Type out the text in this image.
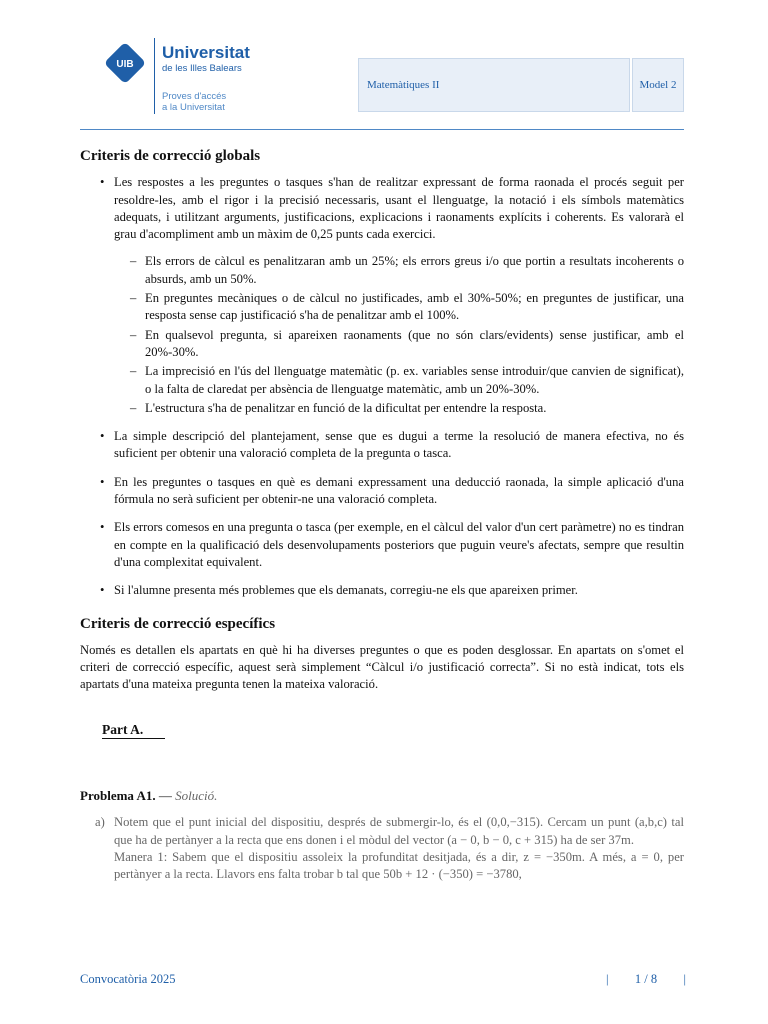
UIB
Universitat
de les Illes Balears
Proves d'accés
a la Universitat
Matemàtiques II	Model 2
Criteris de correcció globals
• Les respostes a les preguntes o tasques s'han de realitzar expressant de forma raonada el procés seguit per resoldre-les, amb el rigor i la precisió necessaris, usant el llenguatge, la notació i els símbols matemàtics adequats, i utilitzant arguments, justificacions, explicacions i raonaments explícits i coherents. Es valorarà el grau d'acompliment amb un màxim de 0,25 punts cada exercici.
– Els errors de càlcul es penalitzaran amb un 25%; els errors greus i/o que portin a resultats incoherents o absurds, amb un 50%.
– En preguntes mecàniques o de càlcul no justificades, amb el 30%-50%; en preguntes de justificar, una resposta sense cap justificació s'ha de penalitzar amb el 100%.
– En qualsevol pregunta, si apareixen raonaments (que no són clars/evidents) sense justificar, amb el 20%-30%.
– La imprecisió en l'ús del llenguatge matemàtic (p. ex. variables sense introduir/que canvien de significat), o la falta de claredat per absència de llenguatge matemàtic, amb un 20%-30%.
– L'estructura s'ha de penalitzar en funció de la dificultat per entendre la resposta.
• La simple descripció del plantejament, sense que es dugui a terme la resolució de manera efectiva, no és suficient per obtenir una valoració completa de la pregunta o tasca.
• En les preguntes o tasques en què es demani expressament una deducció raonada, la simple aplicació d'una fórmula no serà suficient per obtenir-ne una valoració completa.
• Els errors comesos en una pregunta o tasca (per exemple, en el càlcul del valor d'un cert paràmetre) no es tindran en compte en la qualificació dels desenvolupaments posteriors que puguin veure's afectats, sempre que resultin d'una complexitat equivalent.
• Si l'alumne presenta més problemes que els demanats, corregiu-ne els que apareixen primer.
Criteris de correcció específics

Només es detallen els apartats en què hi ha diverses preguntes o que es poden desglossar. En apartats on s'omet el criteri de correcció específic, aquest serà simplement “Càlcul i/o justificació correcta”. Si no està indicat, tots els apartats d'una mateixa pregunta tenen la mateixa valoració.

Part A.
Problema A1. — Solució.
a) Notem que el punt inicial del dispositiu, després de submergir-lo, és el (0,0,−315). Cercam un punt (a,b,c) tal que ha de pertànyer a la recta que ens donen i el mòdul del vector (a − 0, b − 0, c + 315) ha de ser 37m.
Manera 1: Sabem que el dispositiu assoleix la profunditat desitjada, és a dir, z = −350m. A més, a = 0, per pertànyer a la recta. Llavors ens falta trobar b tal que 50b + 12 · (−350) = −3780,
Convocatòria 2025	| 1 / 8 |
